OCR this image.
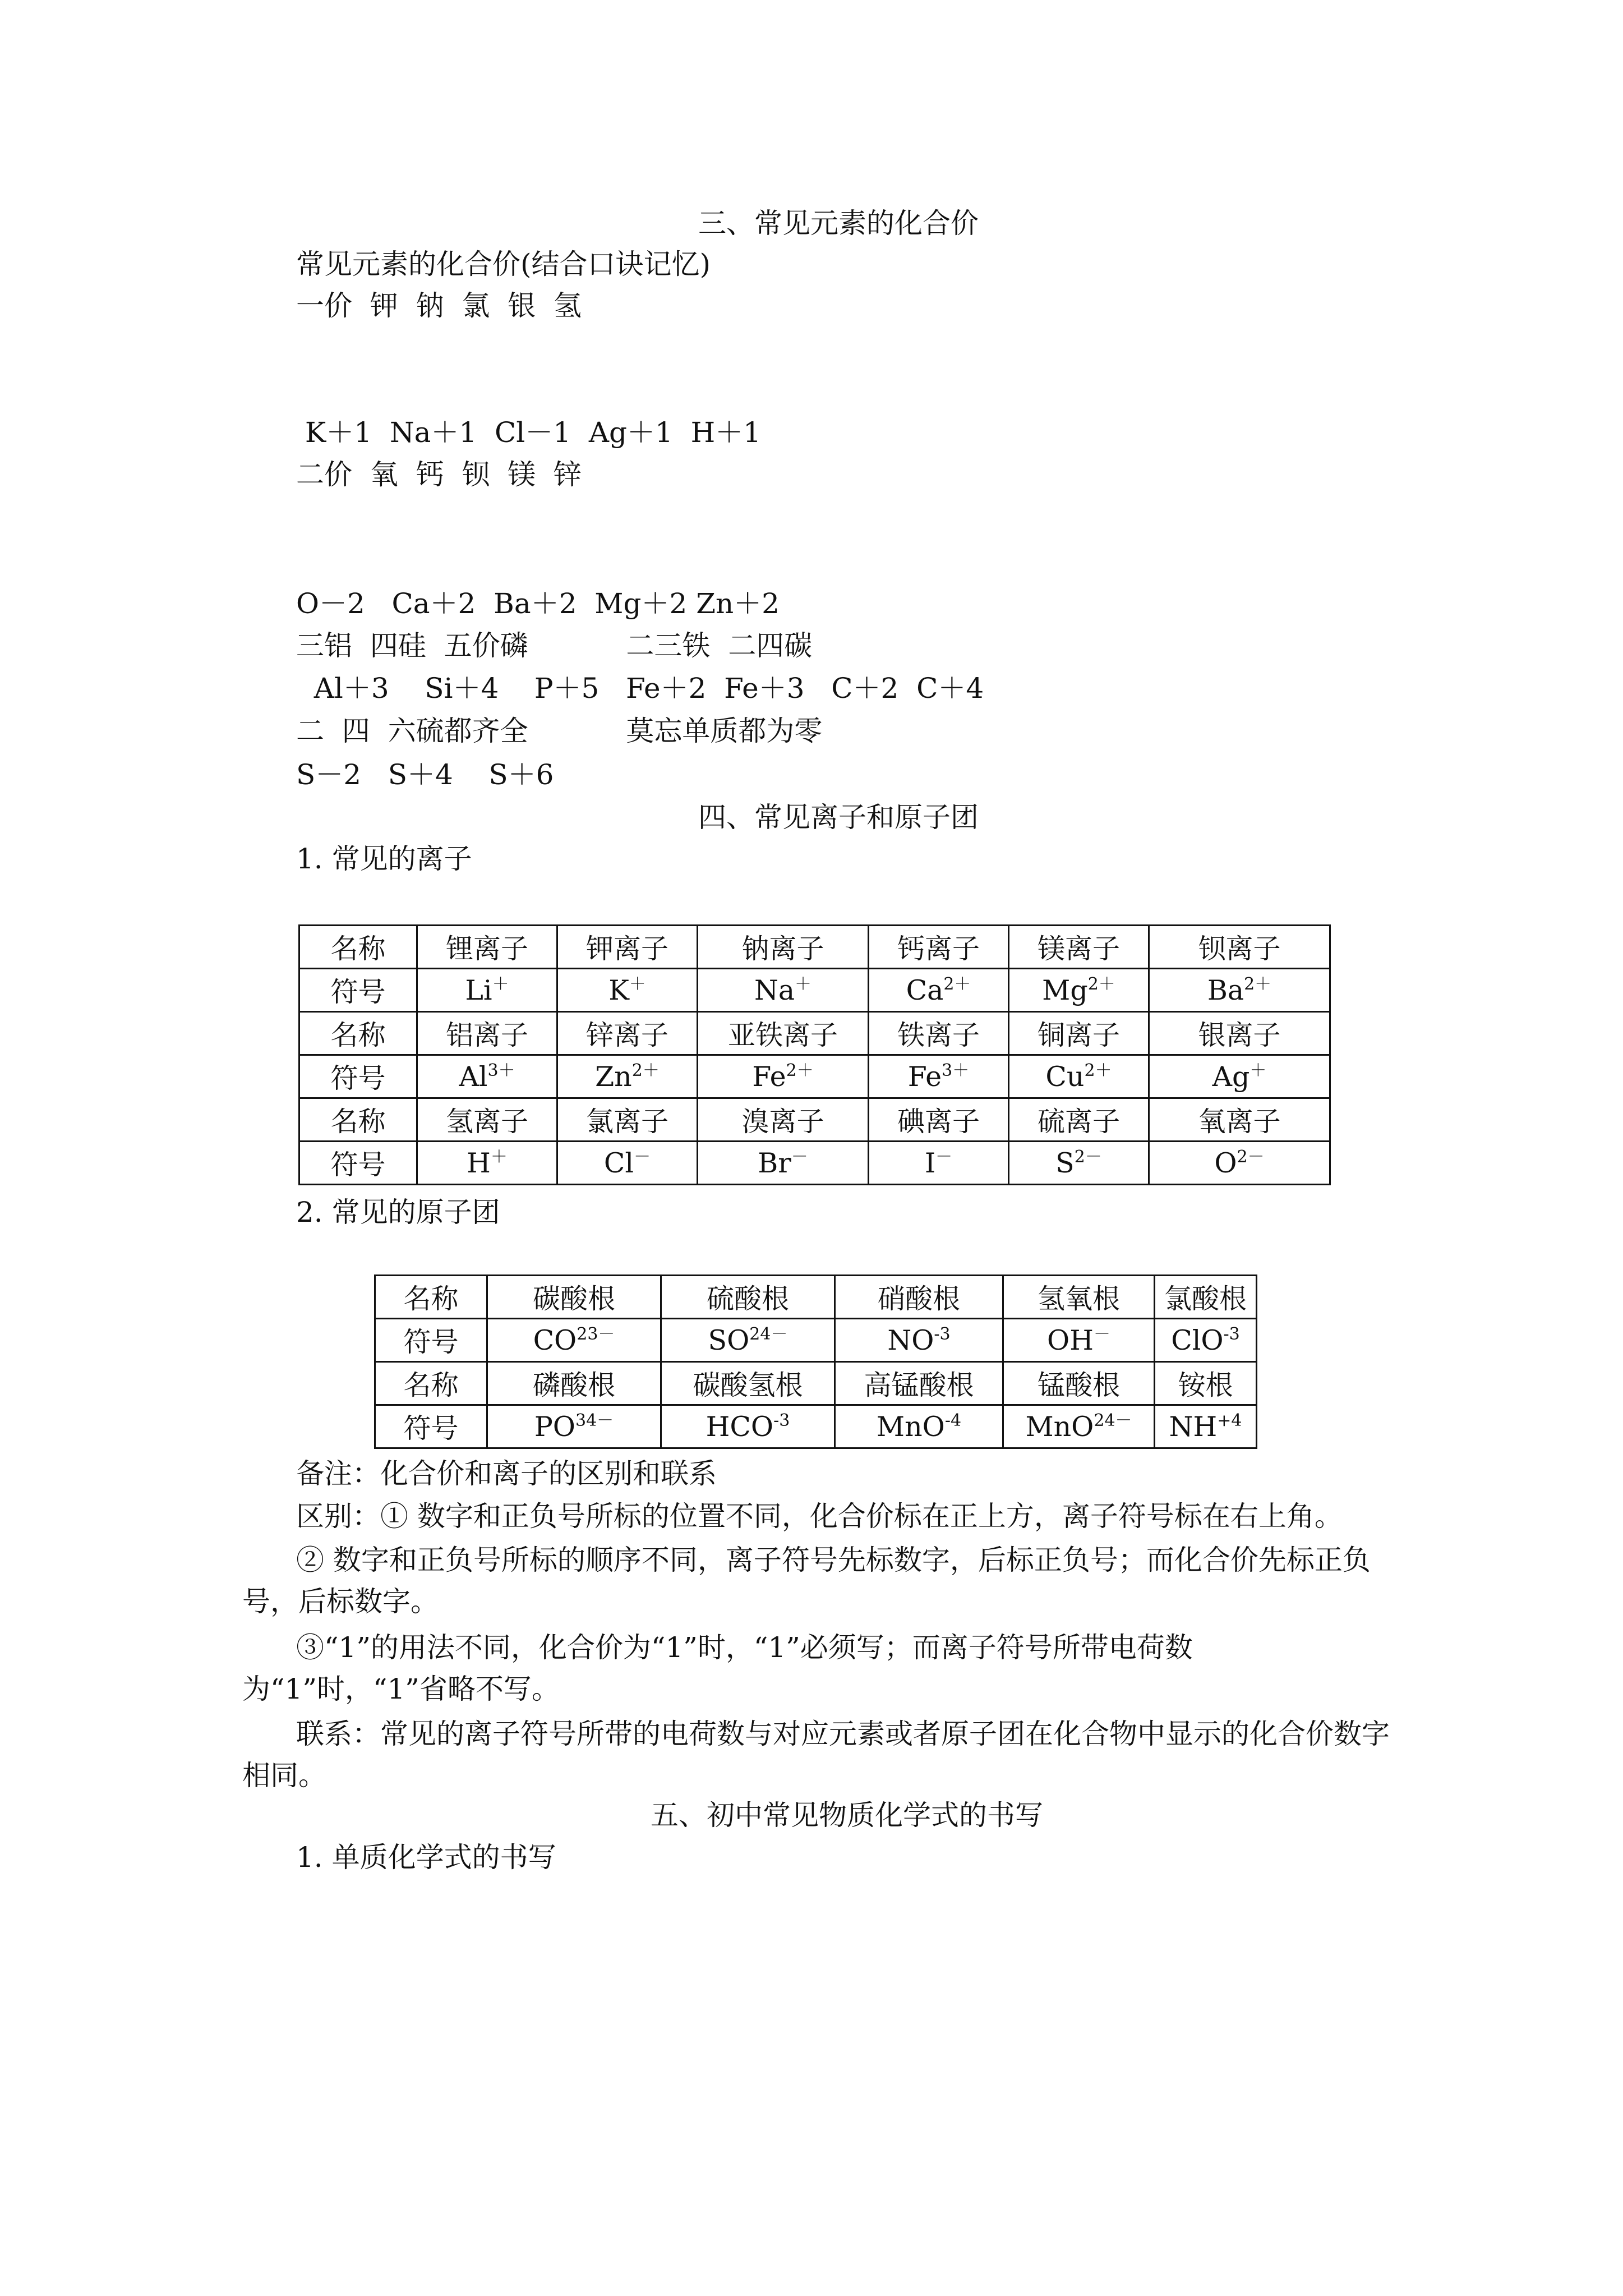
三、常见元素的化合价
常见元素的化合价(结合口诀记忆)
一价  钾  钠  氯  银  氢
K＋1  Na＋1  Cl－1  Ag＋1  H＋1
二价  氧  钙  钡  镁  锌
O－2   Ca＋2  Ba＋2  Mg＋2 Zn＋2
三铝  四硅  五价磷           二三铁  二四碳
Al＋3    Si＋4    P＋5   Fe＋2  Fe＋3   C＋2  C＋4
二  四  六硫都齐全           莫忘单质都为零
S－2   S＋4    S＋6
四、常见离子和原子团
1. 常见的离子
名称	锂离子	钾离子	钠离子	钙离子	镁离子	钡离子
符号	Li＋	K＋	Na＋	$Ca^{2+}$	$Mg^{2+}$	$Ba^{2+}$
名称	铝离子	锌离子	亚铁离子	铁离子	铜离子	银离子
符号	$Al^{3+}$	$Zn^{2+}$	$Fe^{2+}$	$Fe^{3+}$	$Cu^{2+}$	Ag＋
名称	氢离子	氯离子	溴离子	碘离子	硫离子	氧离子
符号	H＋	Cl－	Br－	I－	$S^{2-}$	$O^{2-}$
2. 常见的原子团
名称	碳酸根	硫酸根	硝酸根	氢氧根	氯酸根
符号	$CO^{23-}$	$SO^{24-}$	$NO^{-3}$	OH－	ClO$^{-3}$
名称	磷酸根	碳酸氢根	高锰酸根	锰酸根	铵根
符号	$PO^{34-}$	$HCO^{-3}$	MnO$^{-4}$	MnO$^{24-}$	$NH^{+4}$
备注：化合价和离子的区别和联系
区别：① 数字和正负号所标的位置不同，化合价标在正上方，离子符号标在右上角。
② 数字和正负号所标的顺序不同，离子符号先标数字，后标正负号；而化合价先标正负号，后标数字。
③“1”的用法不同，化合价为“1”时，“1”必须写；而离子符号所带电荷数为“1”时，“1”省略不写。
联系：常见的离子符号所带的电荷数与对应元素或者原子团在化合物中显示的化合价数字相同。
五、初中常见物质化学式的书写
1. 单质化学式的书写
